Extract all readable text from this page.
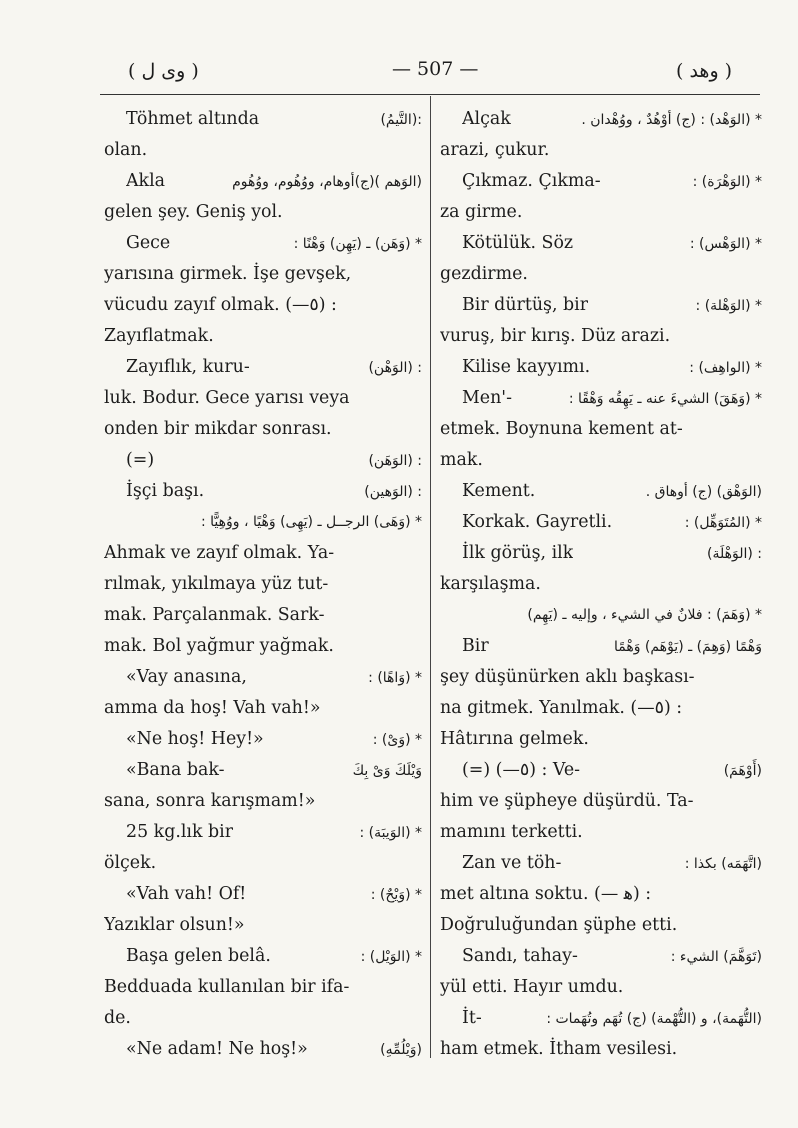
( وى ل )	— 507 —	( وهد )
Töhmet altında	:(التَّيمُ)
olan.
Akla	(الوَهم )(ج)أوهام، ووُهُوم، ووُهُوم
gelen şey. Geniş yol.
Gece	* (وَهَن) ـ (يَهِن) وَهْنًا :
yarısına girmek. İşe gevşek,
vücudu zayıf olmak. (—٥) :
Zayıflatmak.
Zayıflık, kuru-	: (الوَهْن)
luk. Bodur. Gece yarısı veya
onden bir mikdar sonrası.
(=)	: (الوَهَن)
İşçi başı.	: (الوَهين)
* (وَهَى) الرجــل ـ (يَهِى) وَهْيًا ، ووُهِيًّا :
Ahmak ve zayıf olmak. Ya-
rılmak, yıkılmaya yüz tut-
mak. Parçalanmak. Sark-
mak. Bol yağmur yağmak.
«Vay anasına,	* (وَاهًا) :
amma da hoş! Vah vah!»
«Ne hoş! Hey!»	* (وَىْ) :
«Bana bak-	وَيْلَكَ وَىْ بِكَ
sana, sonra karışmam!»
25 kg.lık bir	* (الوَيبَة) :
ölçek.
«Vah vah! Of!	* (وَيْحٌ) :
Yazıklar olsun!»
Başa gelen belâ.	* (الوَيْل) :
Bedduada kullanılan bir ifa-
de.
«Ne adam! Ne hoş!»	(وَيْلُمِّهِ)
Alçak	* (الوَهْد) : (ج) أوْهُدٌ ، ووُهْدان .
arazi, çukur.
Çıkmaz. Çıkma-	* (الوَهْرَة) :
za girme.
Kötülük. Söz	* (الوَهْس) :
gezdirme.
Bir dürtüş, bir	* (الوَهْلة) :
vuruş, bir kırış. Düz arazi.
Kilise kayyımı.	* (الواهِف) :
Men'-	* (وَهَقَ) الشيءَ عنه ـ يَهِقُه وَهْقًا :
etmek. Boynuna kement at-
mak.
Kement.	(الوَهْق) (ج) أوهاق .
Korkak. Gayretli.	* (المُتَوَهِّل) :
İlk görüş, ilk	: (الوَهْلَة)
karşılaşma.
* (وَهَمَ) : فلانٌ في الشيء ، وإليه ـ (يَهِم)
Bir	وَهْمًا (وَهِمَ) ـ (يَوْهَم) وَهْمًا
şey düşünürken aklı başkası-
na gitmek. Yanılmak. (—٥) :
Hâtırına gelmek.
(=) (—٥) : Ve-	(أَوْهَمَ)
him ve şüpheye düşürdü. Ta-
mamını terketti.
Zan ve töh-	(اتَّهَمَه) بكذا :
met altına soktu. (— ﻫ) :
Doğruluğundan şüphe etti.
Sandı, tahay-	(تَوَهَّمَ) الشيء :
yül etti. Hayır umdu.
İt-	(التُّهَمة)، و (التُّهْمة) (ج) تُهَم وتُهَمات :
ham etmek. İtham vesilesi.
